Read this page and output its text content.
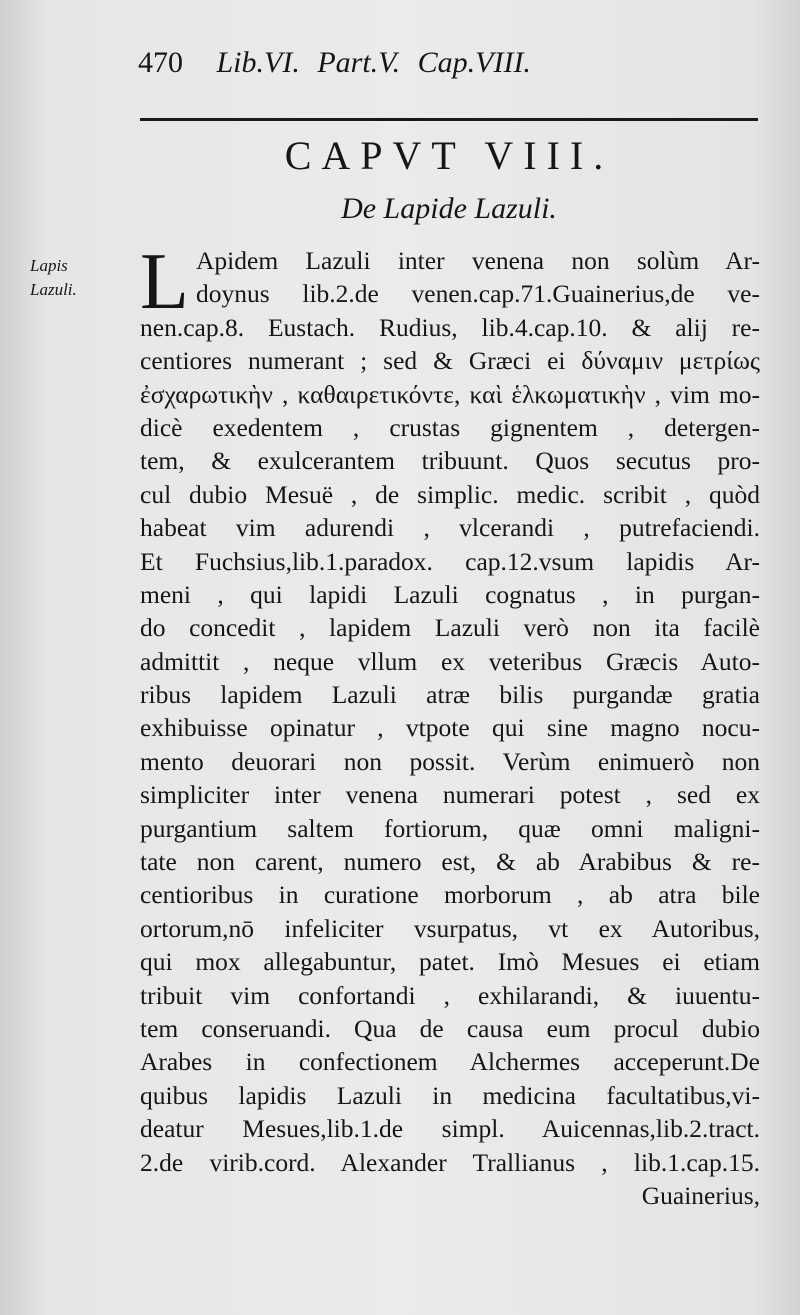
470 Lib.VI. Part.V. Cap.VIII.
CAPVT VIII.
De Lapide Lazuli.
Lapis
Lazuli. L Apidem Lazuli inter venena non solùm Ar-
doynus lib.2.de venen.cap.71.Guainerius,de ve-
nen.cap.8. Eustach. Rudius, lib.4.cap.10. & alij re-
centiores numerant ; sed & Græci ei δύναμιν μετρίως
ἐσχαρωτικὴν , καθαιρετικόντε, καὶ ἑλκωματικὴν , vim mo-
dicè exedentem , crustas gignentem , detergen-
tem, & exulcerantem tribuunt. Quos secutus pro-
cul dubio Mesuë , de simplic. medic. scribit , quòd
habeat vim adurendi , vlcerandi , putrefaciendi.
Et Fuchsius,lib.1.paradox. cap.12.vsum lapidis Ar-
meni , qui lapidi Lazuli cognatus , in purgan-
do concedit , lapidem Lazuli verò non ita facilè
admittit , neque vllum ex veteribus Græcis Auto-
ribus lapidem Lazuli atræ bilis purgandæ gratia
exhibuisse opinatur , vtpote qui sine magno nocu-
mento deuorari non possit. Verùm enimuerò non
simpliciter inter venena numerari potest , sed ex
purgantium saltem fortiorum, quæ omni maligni-
tate non carent, numero est, & ab Arabibus & re-
centioribus in curatione morborum , ab atra bile
ortorum,nō infeliciter vsurpatus, vt ex Autoribus,
qui mox allegabuntur, patet. Imò Mesues ei etiam
tribuit vim confortandi , exhilarandi, & iuuentu-
tem conseruandi. Qua de causa eum procul dubio
Arabes in confectionem Alchermes acceperunt.De
quibus lapidis Lazuli in medicina facultatibus,vi-
deatur Mesues,lib.1.de simpl. Auicennas,lib.2.tract.
2.de virib.cord. Alexander Trallianus , lib.1.cap.15.
Guainerius,
